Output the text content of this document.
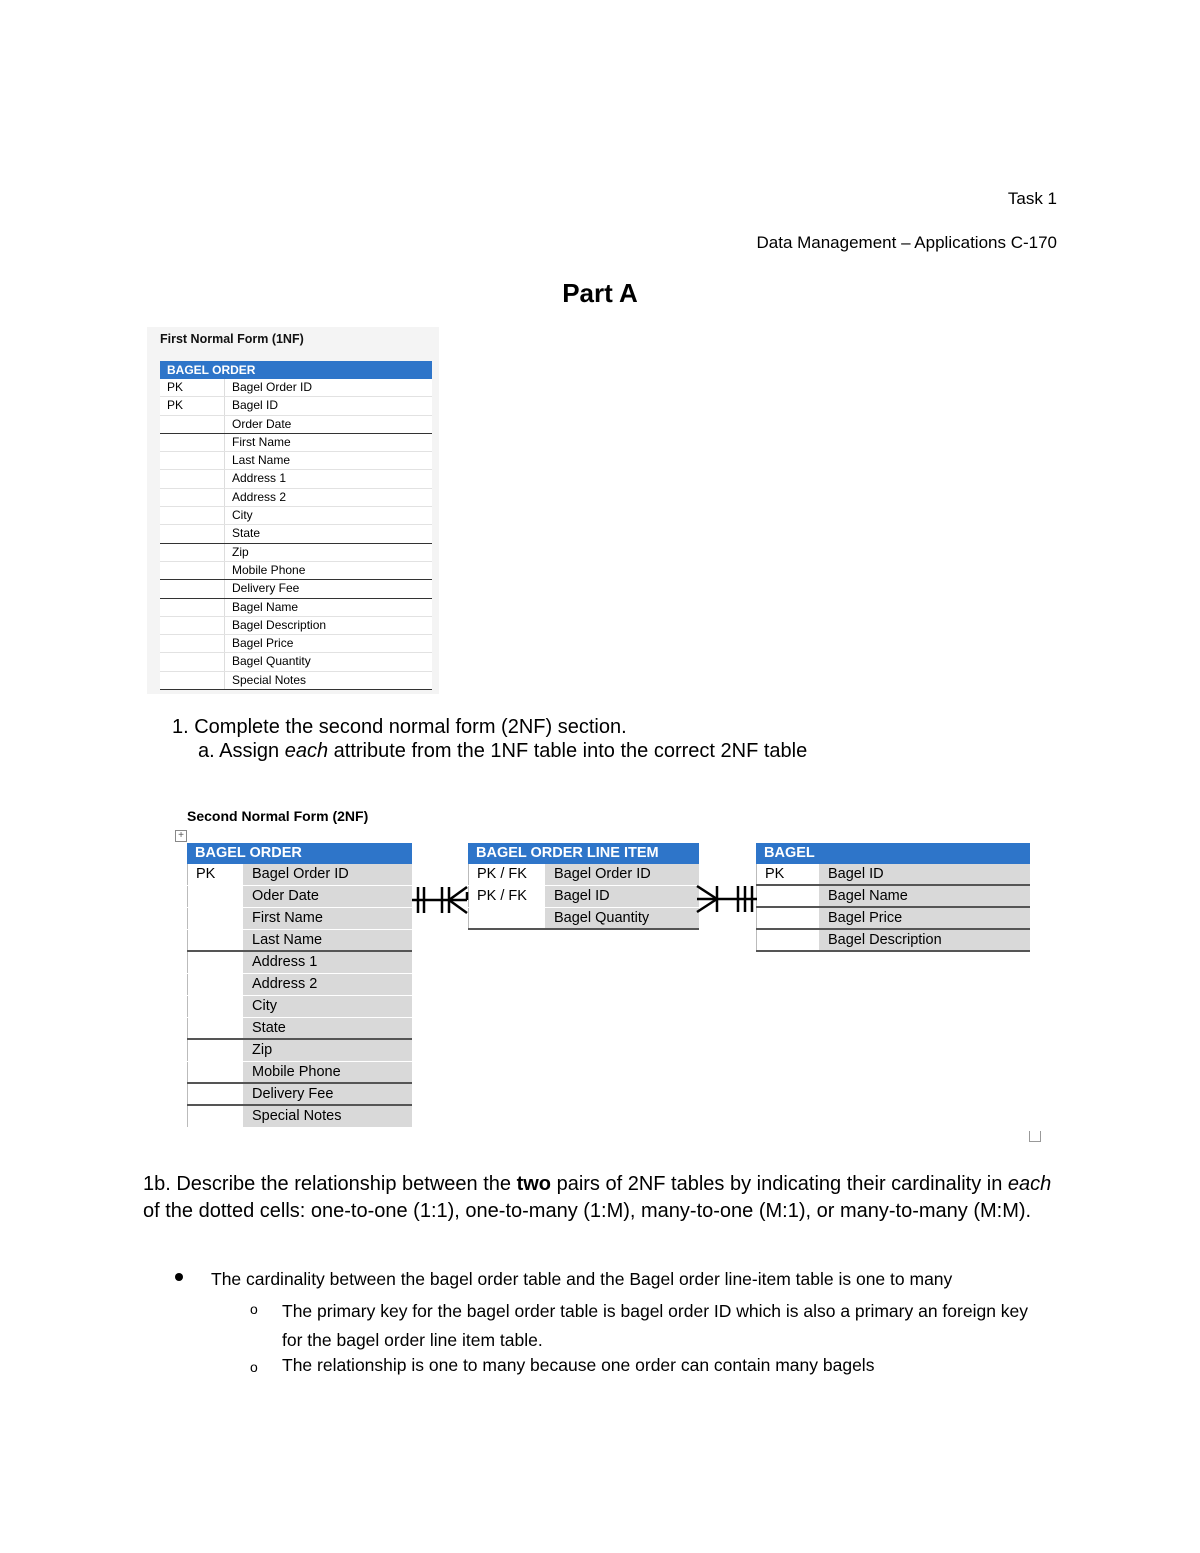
Task 1
Data Management – Applications C-170
Part A
First Normal Form (1NF)
BAGEL ORDER
PK	Bagel Order ID
PK	Bagel ID
Order Date
First Name
Last Name
Address 1
Address 2
City
State
Zip
Mobile Phone
Delivery Fee
Bagel Name
Bagel Description
Bagel Price
Bagel Quantity
Special Notes
1. Complete the second normal form (2NF) section.
a. Assign each attribute from the 1NF table into the correct 2NF table
Second Normal Form (2NF)
+
BAGEL ORDER
PK	Bagel Order ID
Oder Date
First Name
Last Name
Address 1
Address 2
City
State
Zip
Mobile Phone
Delivery Fee
Special Notes
BAGEL ORDER LINE ITEM
PK / FK	Bagel Order ID
PK / FK	Bagel ID
Bagel Quantity
BAGEL
PK	Bagel ID
Bagel Name
Bagel Price
Bagel Description
1b. Describe the relationship between the two pairs of 2NF tables by indicating their cardinality in each of the dotted cells: one-to-one (1:1), one-to-many (1:M), many-to-one (M:1), or many-to-many (M:M).
The cardinality between the bagel order table and the Bagel order line-item table is one to many
o The primary key for the bagel order table is bagel order ID which is also a primary an foreign key for the bagel order line item table.
o The relationship is one to many because one order can contain many bagels
